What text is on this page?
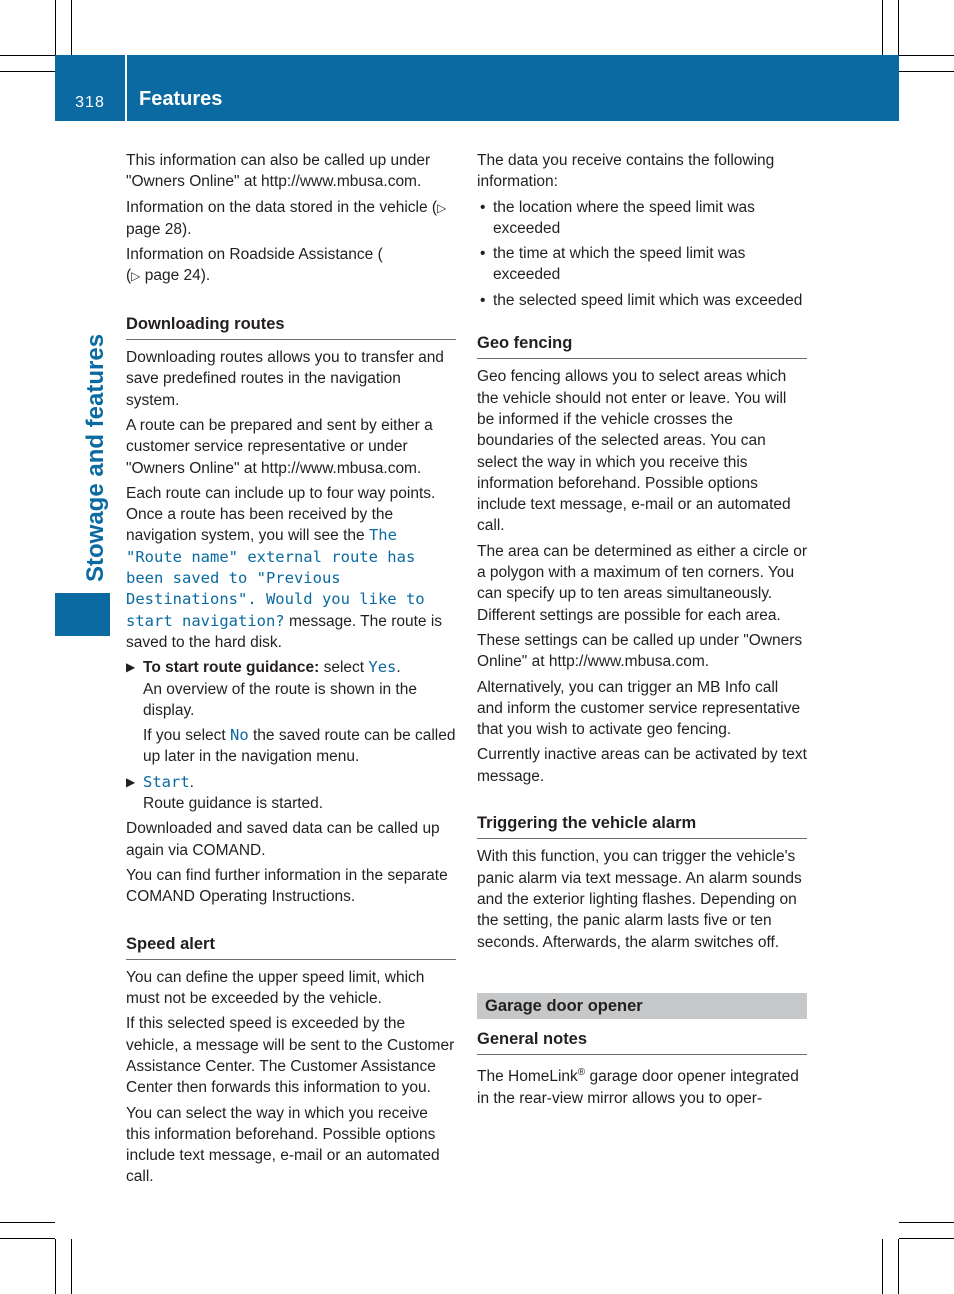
318	Features
Stowage and features

This information can also be called up under "Owners Online" at http://www.mbusa.com.

Information on the data stored in the vehicle (▷ page 28).

Information on Roadside Assistance (
(▷ page 24).

Downloading routes

Downloading routes allows you to transfer and save predefined routes in the navigation system.

A route can be prepared and sent by either a customer service representative or under "Owners Online" at http://www.mbusa.com.

Each route can include up to four way points. Once a route has been received by the navigation system, you will see the The "Route name" external route has been saved to "Previous Destinations". Would you like to start navigation? message. The route is saved to the hard disk.

▶ To start route guidance: select Yes.
An overview of the route is shown in the display.

If you select No the saved route can be called up later in the navigation menu.

▶ Start.
Route guidance is started.

Downloaded and saved data can be called up again via COMAND.

You can find further information in the separate COMAND Operating Instructions.

Speed alert

You can define the upper speed limit, which must not be exceeded by the vehicle.

If this selected speed is exceeded by the vehicle, a message will be sent to the Customer Assistance Center. The Customer Assistance Center then forwards this information to you.

You can select the way in which you receive this information beforehand. Possible options include text message, e-mail or an automated call.

The data you receive contains the following information:

• the location where the speed limit was exceeded
• the time at which the speed limit was exceeded
• the selected speed limit which was exceeded
Geo fencing

Geo fencing allows you to select areas which the vehicle should not enter or leave. You will be informed if the vehicle crosses the boundaries of the selected areas. You can select the way in which you receive this information beforehand. Possible options include text message, e-mail or an automated call.

The area can be determined as either a circle or a polygon with a maximum of ten corners. You can specify up to ten areas simultaneously. Different settings are possible for each area.

These settings can be called up under "Owners Online" at http://www.mbusa.com.

Alternatively, you can trigger an MB Info call and inform the customer service representative that you wish to activate geo fencing.

Currently inactive areas can be activated by text message.

Triggering the vehicle alarm

With this function, you can trigger the vehicle's panic alarm via text message. An alarm sounds and the exterior lighting flashes. Depending on the setting, the panic alarm lasts five or ten seconds. Afterwards, the alarm switches off.

Garage door opener
General notes

The HomeLink® garage door opener integrated in the rear-view mirror allows you to oper-
